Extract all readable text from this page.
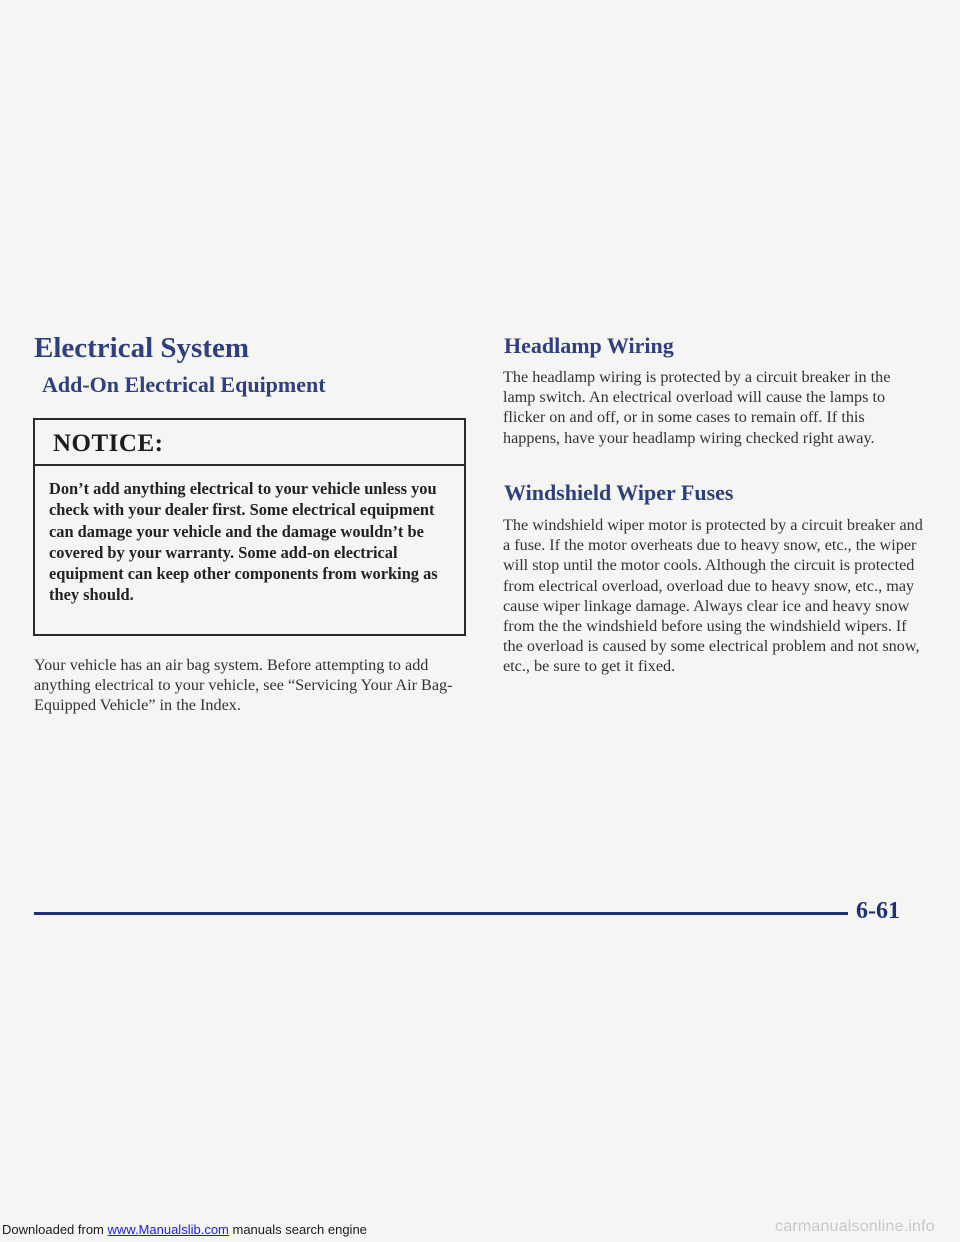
Electrical System
Add-On Electrical Equipment
NOTICE:

Don’t add anything electrical to your vehicle unless you check with your dealer first. Some electrical equipment can damage your vehicle and the damage wouldn’t be covered by your warranty. Some add-on electrical equipment can keep other components from working as they should.

Your vehicle has an air bag system. Before attempting to add anything electrical to your vehicle, see “Servicing Your Air Bag-Equipped Vehicle” in the Index.

Headlamp Wiring

The headlamp wiring is protected by a circuit breaker in the lamp switch. An electrical overload will cause the lamps to flicker on and off, or in some cases to remain off. If this happens, have your headlamp wiring checked right away.

Windshield Wiper Fuses

The windshield wiper motor is protected by a circuit breaker and a fuse. If the motor overheats due to heavy snow, etc., the wiper will stop until the motor cools. Although the circuit is protected from electrical overload, overload due to heavy snow, etc., may cause wiper linkage damage. Always clear ice and heavy snow from the the windshield before using the windshield wipers. If the overload is caused by some electrical problem and not snow, etc., be sure to get it fixed.

6-61

Downloaded from www.Manualslib.com manuals search engine	carmanualsonline.info
